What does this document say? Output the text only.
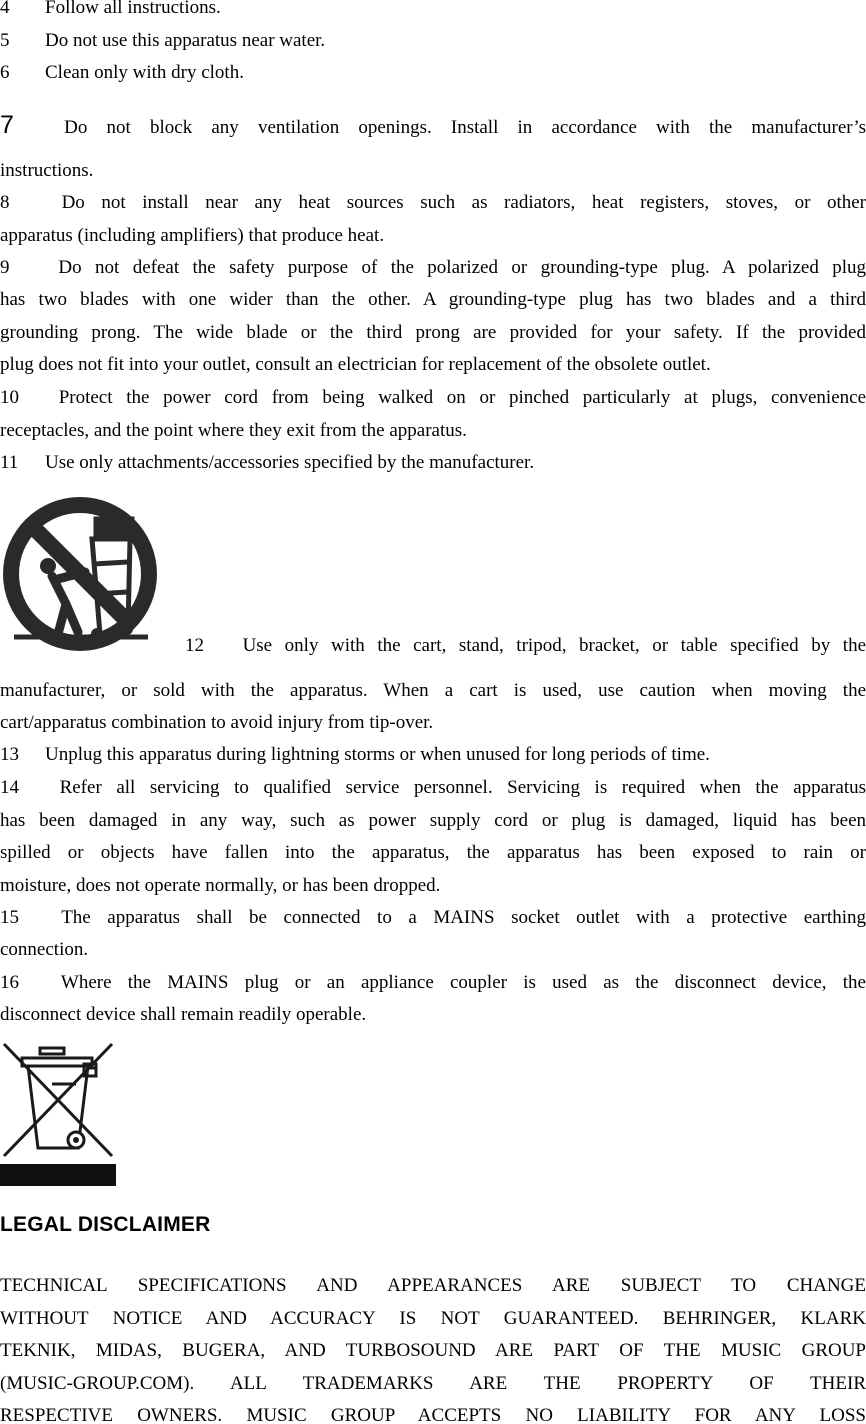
4 Follow all instructions.
5 Do not use this apparatus near water.
6 Clean only with dry cloth.
7	Do not block any ventilation openings. Install in accordance with the manufacturer’s
instructions.
8	Do not install near any heat sources such as radiators, heat registers, stoves, or other
apparatus (including amplifiers) that produce heat.
9	Do not defeat the safety purpose of the polarized or grounding-type plug. A polarized plug
has two blades with one wider than the other. A grounding-type plug has two blades and a third
grounding prong. The wide blade or the third prong are provided for your safety. If the provided
plug does not fit into your outlet, consult an electrician for replacement of the obsolete outlet.
10 Protect the power cord from being walked on or pinched particularly at plugs, convenience
receptacles, and the point where they exit from the apparatus.
11 Use only attachments/accessories specified by the manufacturer.
12 Use only with the cart, stand, tripod, bracket, or table specified by the
manufacturer, or sold with the apparatus. When a cart is used, use caution when moving the
cart/apparatus combination to avoid injury from tip-over.
13 Unplug this apparatus during lightning storms or when unused for long periods of time.
14 Refer all servicing to qualified service personnel. Servicing is required when the apparatus
has been damaged in any way, such as power supply cord or plug is damaged, liquid has been
spilled or objects have fallen into the apparatus, the apparatus has been exposed to rain or
moisture, does not operate normally, or has been dropped.
15 The apparatus shall be connected to a MAINS socket outlet with a protective earthing
connection.
16 Where the MAINS plug or an appliance coupler is used as the disconnect device, the
disconnect device shall remain readily operable.
LEGAL DISCLAIMER
TECHNICAL SPECIFICATIONS AND APPEARANCES ARE SUBJECT TO CHANGE
WITHOUT NOTICE AND ACCURACY IS NOT GUARANTEED. BEHRINGER, KLARK
TEKNIK, MIDAS, BUGERA, AND TURBOSOUND ARE PART OF THE MUSIC GROUP
(MUSIC-GROUP.COM). ALL TRADEMARKS ARE THE PROPERTY OF THEIR
RESPECTIVE OWNERS. MUSIC GROUP ACCEPTS NO LIABILITY FOR ANY LOSS
